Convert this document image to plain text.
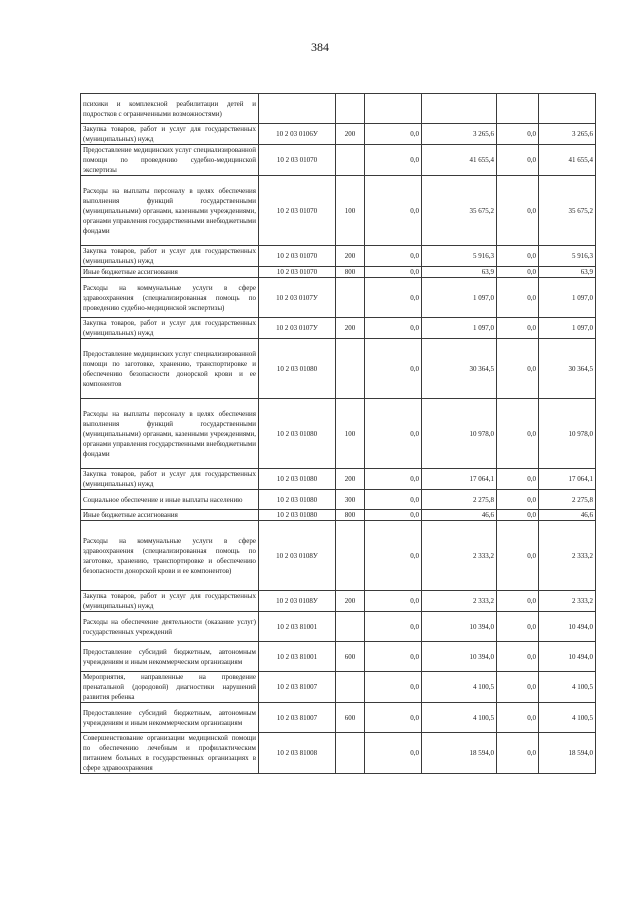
384
психики и комплексной реабилитации детей и подростков с ограниченными возможностями)						
Закупка товаров, работ и услуг для государственных (муниципальных) нужд	10 2 03 0106У	200	0,0	3 265,6	0,0	3 265,6
Предоставление медицинских услуг специализированной помощи по проведению судебно-медицинской экспертизы	10 2 03 01070		0,0	41 655,4	0,0	41 655,4
Расходы на выплаты персоналу в целях обеспечения выполнения функций государственными (муниципальными) органами, казенными учреждениями, органами управления государственными внебюджетными фондами	10 2 03 01070	100	0,0	35 675,2	0,0	35 675,2
Закупка товаров, работ и услуг для государственных (муниципальных) нужд	10 2 03 01070	200	0,0	5 916,3	0,0	5 916,3
Иные бюджетные ассигнования	10 2 03 01070	800	0,0	63,9	0,0	63,9
Расходы на коммунальные услуги в сфере здравоохранения (специализированная помощь по проведению судебно-медицинской экспертизы)	10 2 03 0107У		0,0	1 097,0	0,0	1 097,0
Закупка товаров, работ и услуг для государственных (муниципальных) нужд	10 2 03 0107У	200	0,0	1 097,0	0,0	1 097,0
Предоставление медицинских услуг специализированной помощи по заготовке, хранению, транспортировке и обеспечению безопасности донорской крови и ее компонентов	10 2 03 01080		0,0	30 364,5	0,0	30 364,5
Расходы на выплаты персоналу в целях обеспечения выполнения функций государственными (муниципальными) органами, казенными учреждениями, органами управления государственными внебюджетными фондами	10 2 03 01080	100	0,0	10 978,0	0,0	10 978,0
Закупка товаров, работ и услуг для государственных (муниципальных) нужд	10 2 03 01080	200	0,0	17 064,1	0,0	17 064,1
Социальное обеспечение и иные выплаты населению	10 2 03 01080	300	0,0	2 275,8	0,0	2 275,8
Иные бюджетные ассигнования	10 2 03 01080	800	0,0	46,6	0,0	46,6
Расходы на коммунальные услуги в сфере здравоохранения (специализированная помощь по заготовке, хранению, транспортировке и обеспечению безопасности донорской крови и ее компонентов)	10 2 03 0108У		0,0	2 333,2	0,0	2 333,2
Закупка товаров, работ и услуг для государственных (муниципальных) нужд	10 2 03 0108У	200	0,0	2 333,2	0,0	2 333,2
Расходы на обеспечение деятельности (оказание услуг) государственных учреждений	10 2 03 81001		0,0	10 394,0	0,0	10 494,0
Предоставление субсидий бюджетным, автономным учреждениям и иным некоммерческим организациям	10 2 03 81001	600	0,0	10 394,0	0,0	10 494,0
Мероприятия, направленные на проведение пренатальной (дородовой) диагностики нарушений развития ребенка	10 2 03 81007		0,0	4 100,5	0,0	4 100,5
Предоставление субсидий бюджетным, автономным учреждениям и иным некоммерческим организациям	10 2 03 81007	600	0,0	4 100,5	0,0	4 100,5
Совершенствование организации медицинской помощи по обеспечению лечебным и профилактическим питанием больных в государственных организациях в сфере здравоохранения	10 2 03 81008		0,0	18 594,0	0,0	18 594,0
